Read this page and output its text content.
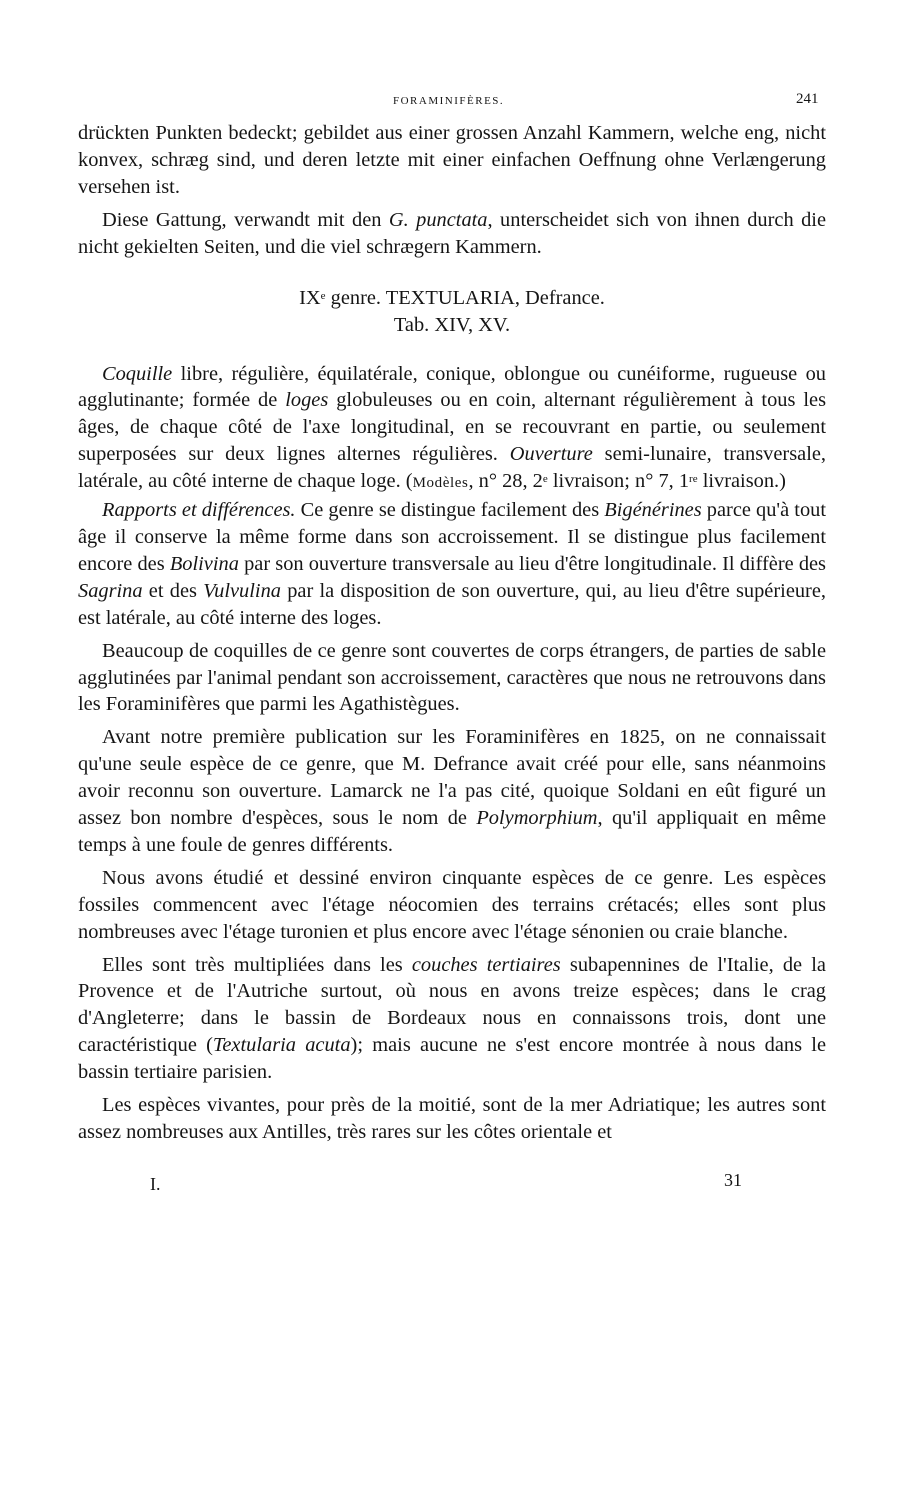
FORAMINIFÈRES.	241

drückten Punkten bedeckt; gebildet aus einer grossen Anzahl Kammern, welche eng, nicht konvex, schræg sind, und deren letzte mit einer einfachen Oeffnung ohne Verlængerung versehen ist.

Diese Gattung, verwandt mit den G. punctata, unterscheidet sich von ihnen durch die nicht gekielten Seiten, und die viel schrægern Kammern.

IXe genre. TEXTULARIA, Defrance.

Tab. XIV, XV.

Coquille libre, régulière, équilatérale, conique, oblongue ou cunéiforme, rugueuse ou agglutinante; formée de loges globuleuses ou en coin, alternant régulièrement à tous les âges, de chaque côté de l'axe longitudinal, en se recouvrant en partie, ou seulement superposées sur deux lignes alternes régulières. Ouverture semi-lunaire, transversale, latérale, au côté interne de chaque loge. (Modèles, n° 28, 2e livraison; n° 7, 1re livraison.)

Rapports et différences. Ce genre se distingue facilement des Bigénérines parce qu'à tout âge il conserve la même forme dans son accroissement. Il se distingue plus facilement encore des Bolivina par son ouverture transversale au lieu d'être longitudinale. Il diffère des Sagrina et des Vulvulina par la disposition de son ouverture, qui, au lieu d'être supérieure, est latérale, au côté interne des loges.

Beaucoup de coquilles de ce genre sont couvertes de corps étrangers, de parties de sable agglutinées par l'animal pendant son accroissement, caractères que nous ne retrouvons dans les Foraminifères que parmi les Agathistègues.

Avant notre première publication sur les Foraminifères en 1825, on ne connaissait qu'une seule espèce de ce genre, que M. Defrance avait créé pour elle, sans néanmoins avoir reconnu son ouverture. Lamarck ne l'a pas cité, quoique Soldani en eût figuré un assez bon nombre d'espèces, sous le nom de Polymorphium, qu'il appliquait en même temps à une foule de genres différents.

Nous avons étudié et dessiné environ cinquante espèces de ce genre. Les espèces fossiles commencent avec l'étage néocomien des terrains crétacés; elles sont plus nombreuses avec l'étage turonien et plus encore avec l'étage sénonien ou craie blanche.

Elles sont très multipliées dans les couches tertiaires subapennines de l'Italie, de la Provence et de l'Autriche surtout, où nous en avons treize espèces; dans le crag d'Angleterre; dans le bassin de Bordeaux nous en connaissons trois, dont une caractéristique (Textularia acuta); mais aucune ne s'est encore montrée à nous dans le bassin tertiaire parisien.

Les espèces vivantes, pour près de la moitié, sont de la mer Adriatique; les autres sont assez nombreuses aux Antilles, très rares sur les côtes orientale et

I.	31
